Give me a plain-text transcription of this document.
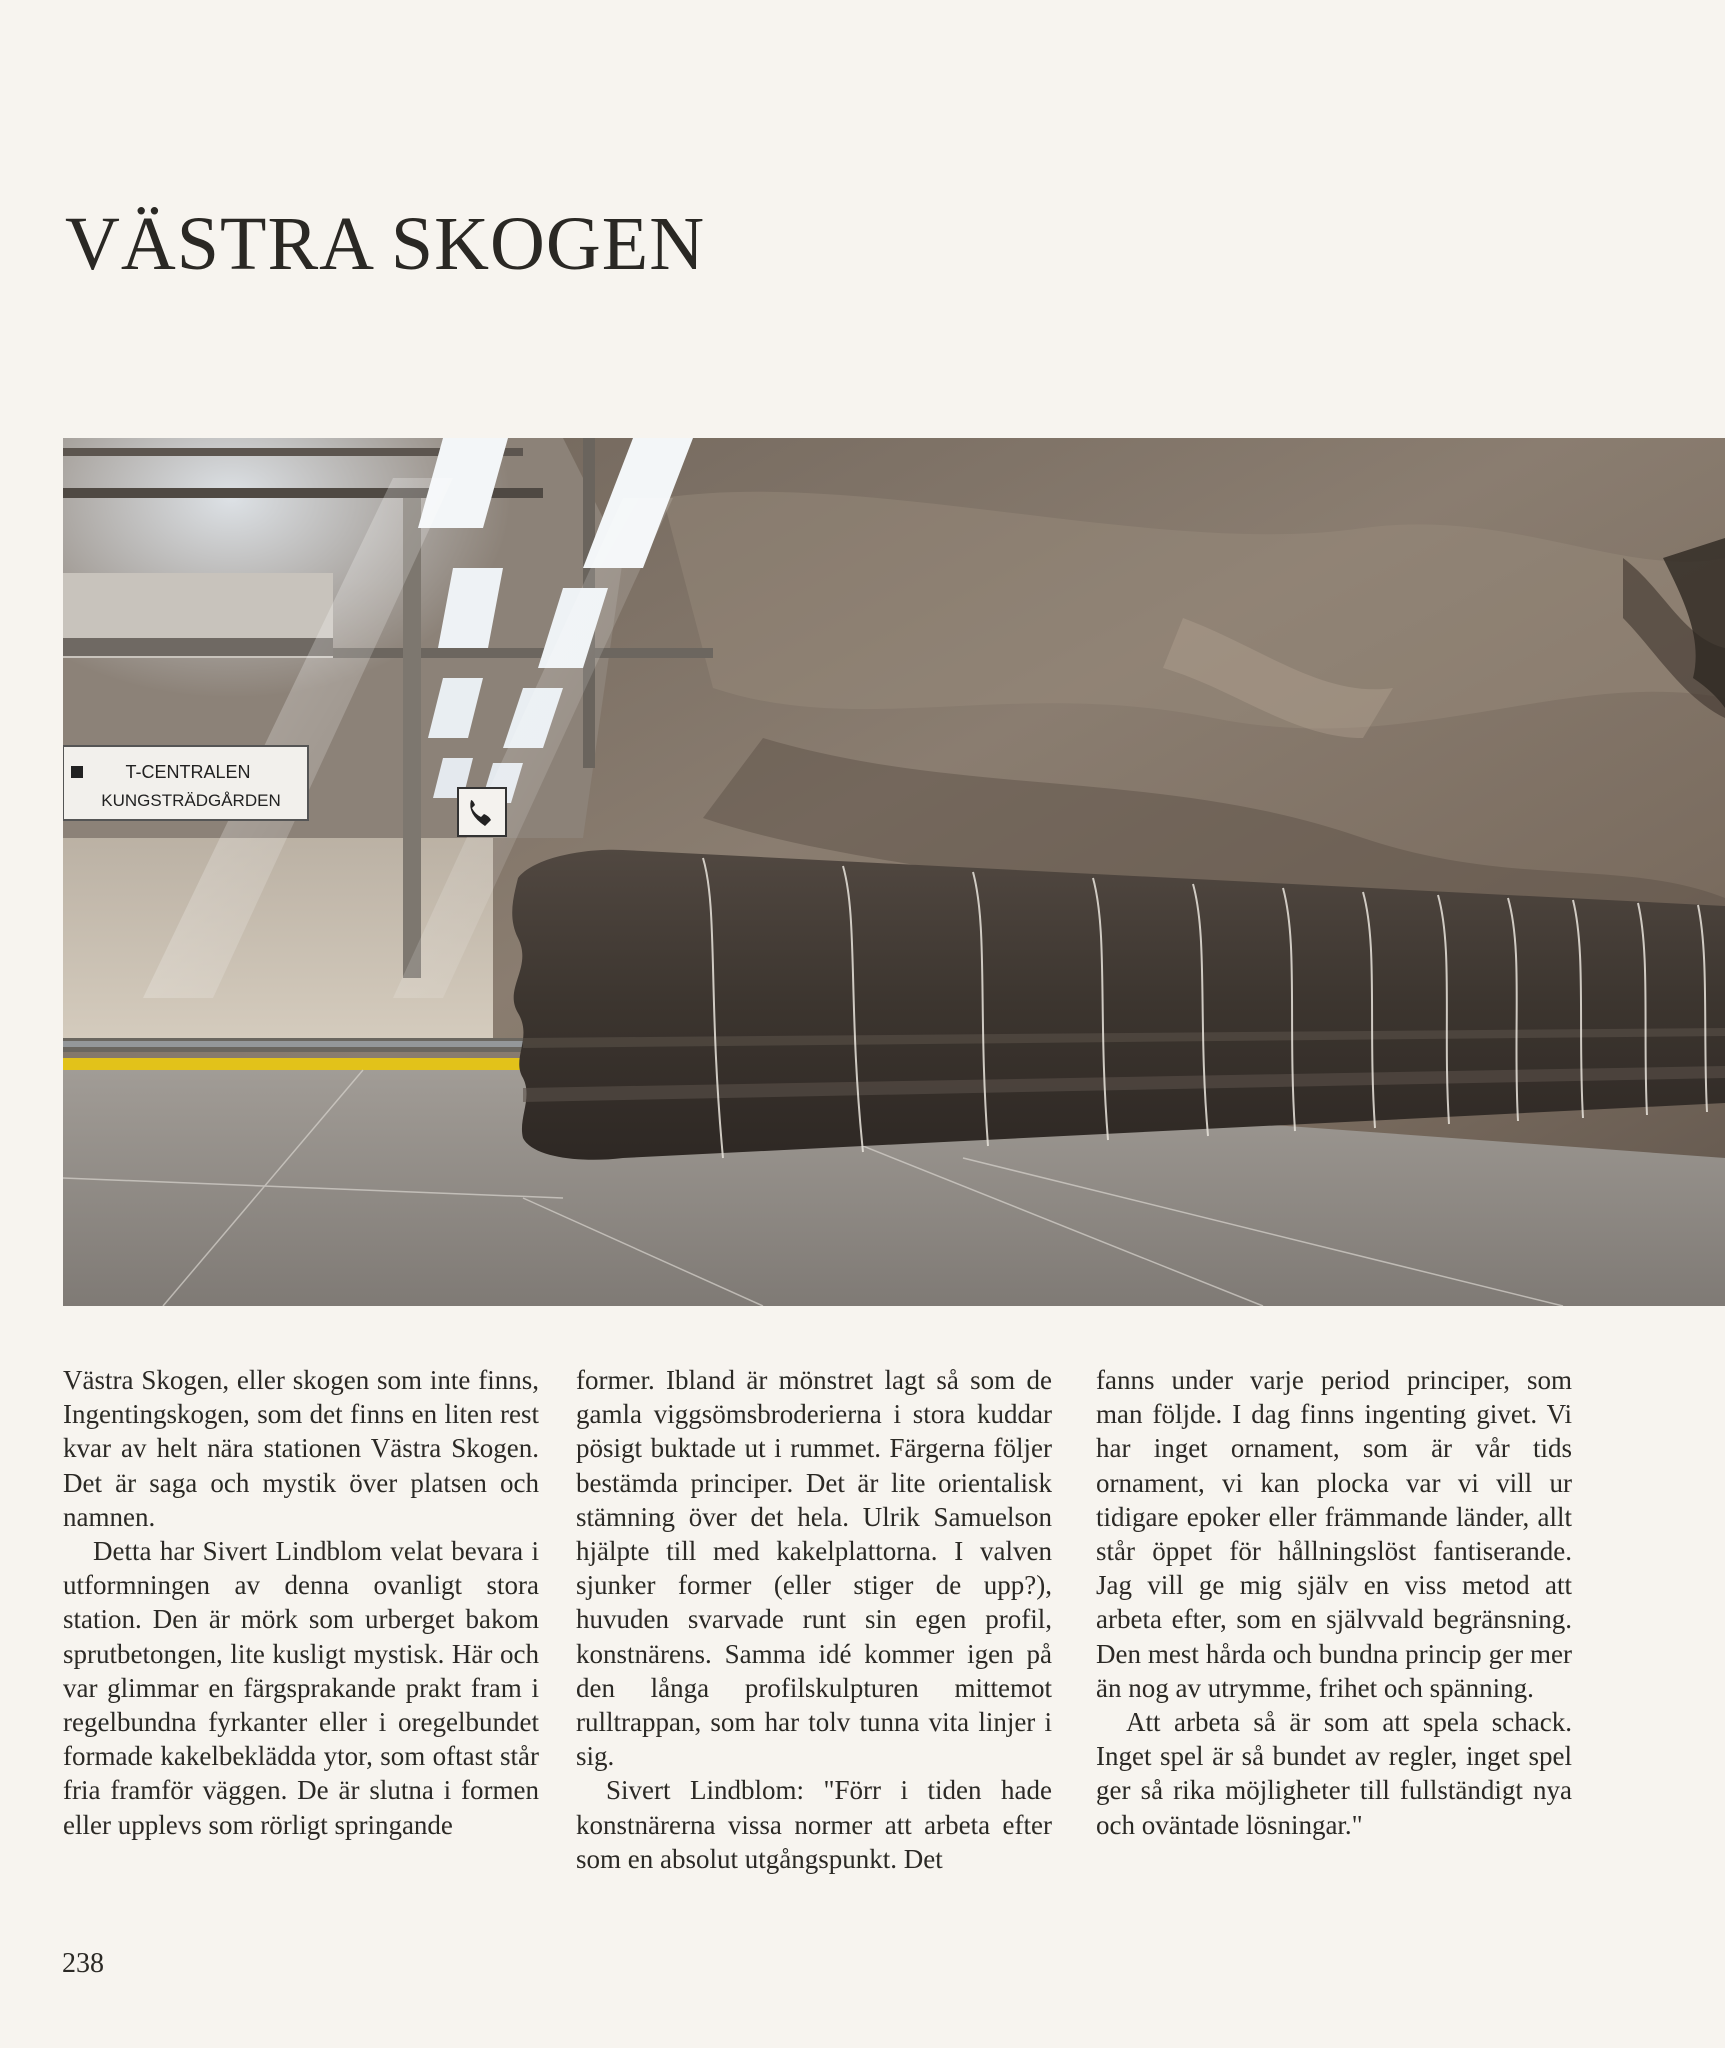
VÄSTRA SKOGEN
T-CENTRALEN
KUNGSTRÄDGÅRDEN

Västra Skogen, eller skogen som inte finns, Ingentingskogen, som det finns en liten rest kvar av helt nära stationen Västra Skogen. Det är saga och mystik över platsen och namnen.

Detta har Sivert Lindblom velat bevara i utformningen av denna ovanligt stora station. Den är mörk som urberget bakom sprutbetongen, lite kusligt mystisk. Här och var glimmar en färgsprakande prakt fram i regelbundna fyrkanter eller i oregelbundet formade kakelbeklädda ytor, som oftast står fria framför väggen. De är slutna i formen eller upplevs som rörligt springande

former. Ibland är mönstret lagt så som de gamla viggsömsbroderierna i stora kuddar pösigt buktade ut i rummet. Färgerna följer bestämda principer. Det är lite orientalisk stämning över det hela. Ulrik Samuelson hjälpte till med kakelplattorna. I valven sjunker former (eller stiger de upp?), huvuden svarvade runt sin egen profil, konstnärens. Samma idé kommer igen på den långa profilskulpturen mittemot rulltrappan, som har tolv tunna vita linjer i sig.

Sivert Lindblom: "Förr i tiden hade konstnärerna vissa normer att arbeta efter som en absolut utgångspunkt. Det

fanns under varje period principer, som man följde. I dag finns ingenting givet. Vi har inget ornament, som är vår tids ornament, vi kan plocka var vi vill ur tidigare epoker eller främmande länder, allt står öppet för hållningslöst fantiserande. Jag vill ge mig själv en viss metod att arbeta efter, som en självvald begränsning. Den mest hårda och bundna princip ger mer än nog av utrymme, frihet och spänning.

Att arbeta så är som att spela schack. Inget spel är så bundet av regler, inget spel ger så rika möjligheter till fullständigt nya och oväntade lösningar."

238
